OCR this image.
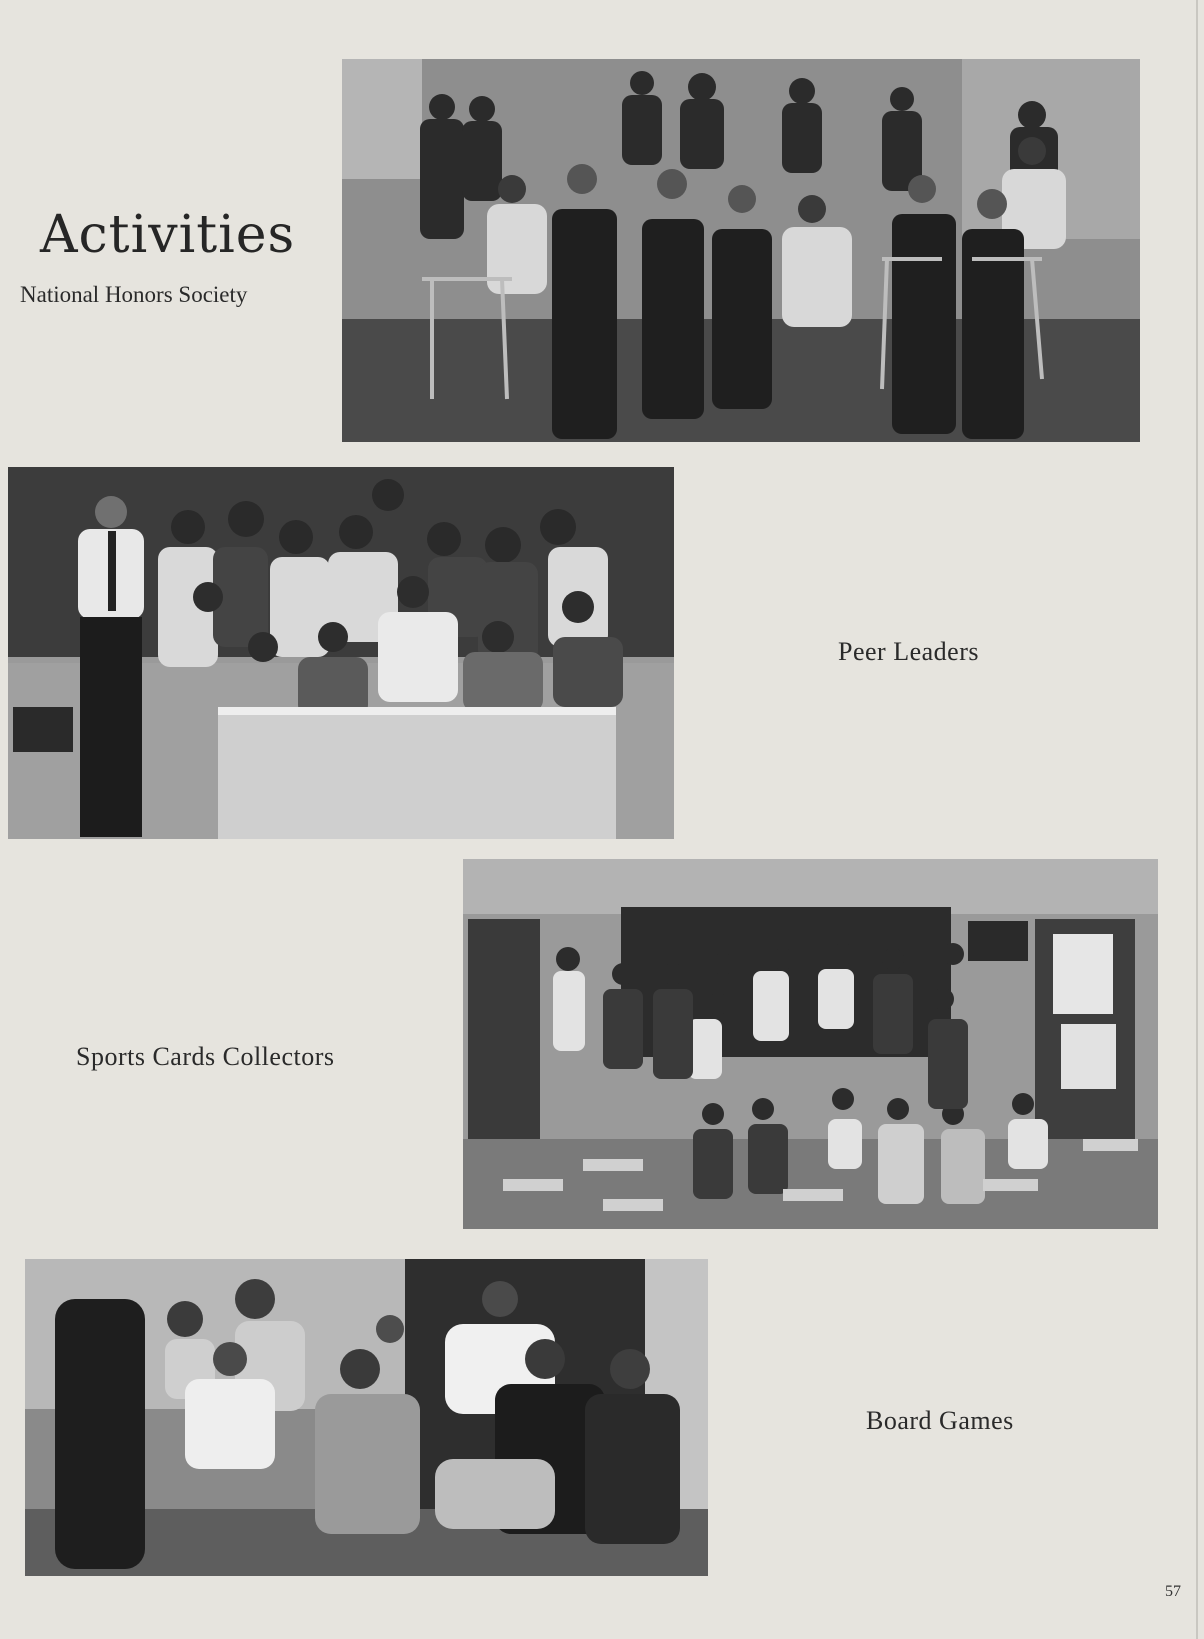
Activities
National Honors Society
Peer Leaders
Sports Cards Collectors
Board Games
57
